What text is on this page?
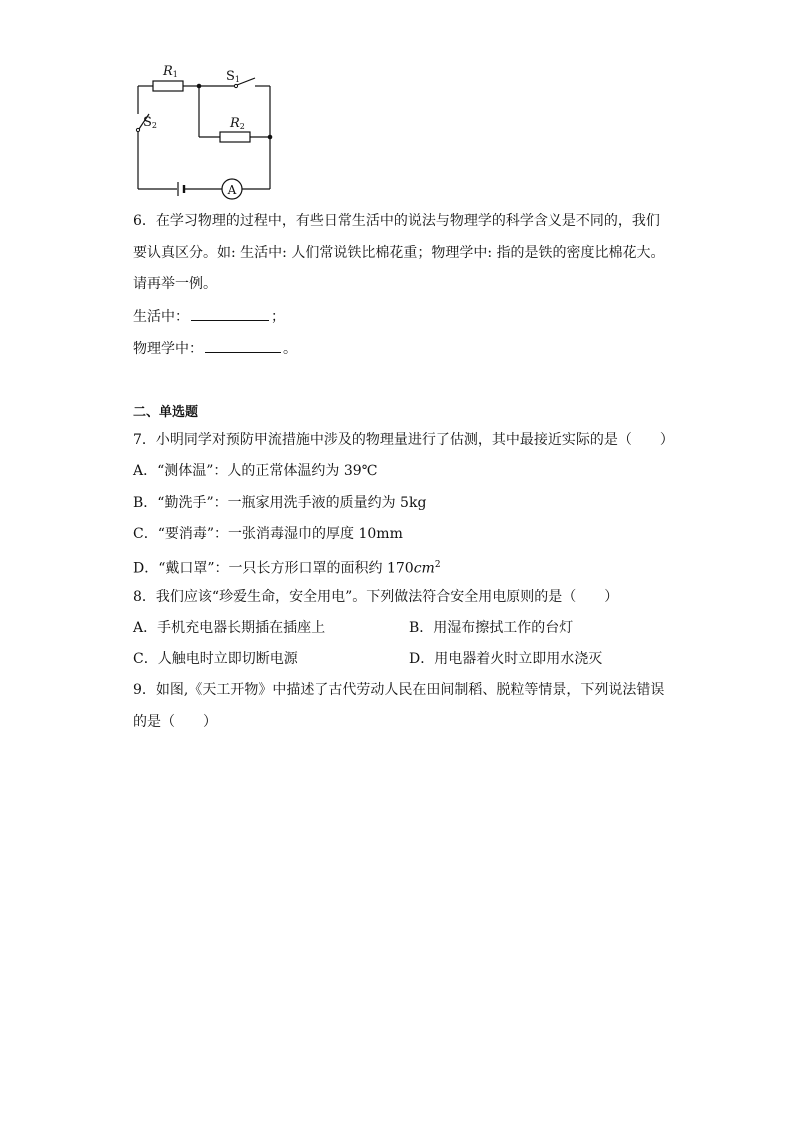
A
R1	S1
R2
S2
6．在学习物理的过程中，有些日常生活中的说法与物理学的科学含义是不同的，我们
要认真区分。如: 生活中: 人们常说铁比棉花重；物理学中: 指的是铁的密度比棉花大。
请再举一例。
生活中：	；
物理学中：	。
二、单选题
7．小明同学对预防甲流措施中涉及的物理量进行了估测，其中最接近实际的是（　　）
A．“测体温”：人的正常体温约为 39℃
B．“勤洗手”：一瓶家用洗手液的质量约为 5kg
C．“要消毒”：一张消毒湿巾的厚度 10mm
D．“戴口罩”：一只长方形口罩的面积约 $170cm^2$
8．我们应该“珍爱生命，安全用电”。下列做法符合安全用电原则的是（　　）
A．手机充电器长期插在插座上	B．用湿布擦拭工作的台灯
C．人触电时立即切断电源	D．用电器着火时立即用水浇灭
9．如图,《天工开物》中描述了古代劳动人民在田间制稻、脱粒等情景，下列说法错误
的是（　　）
